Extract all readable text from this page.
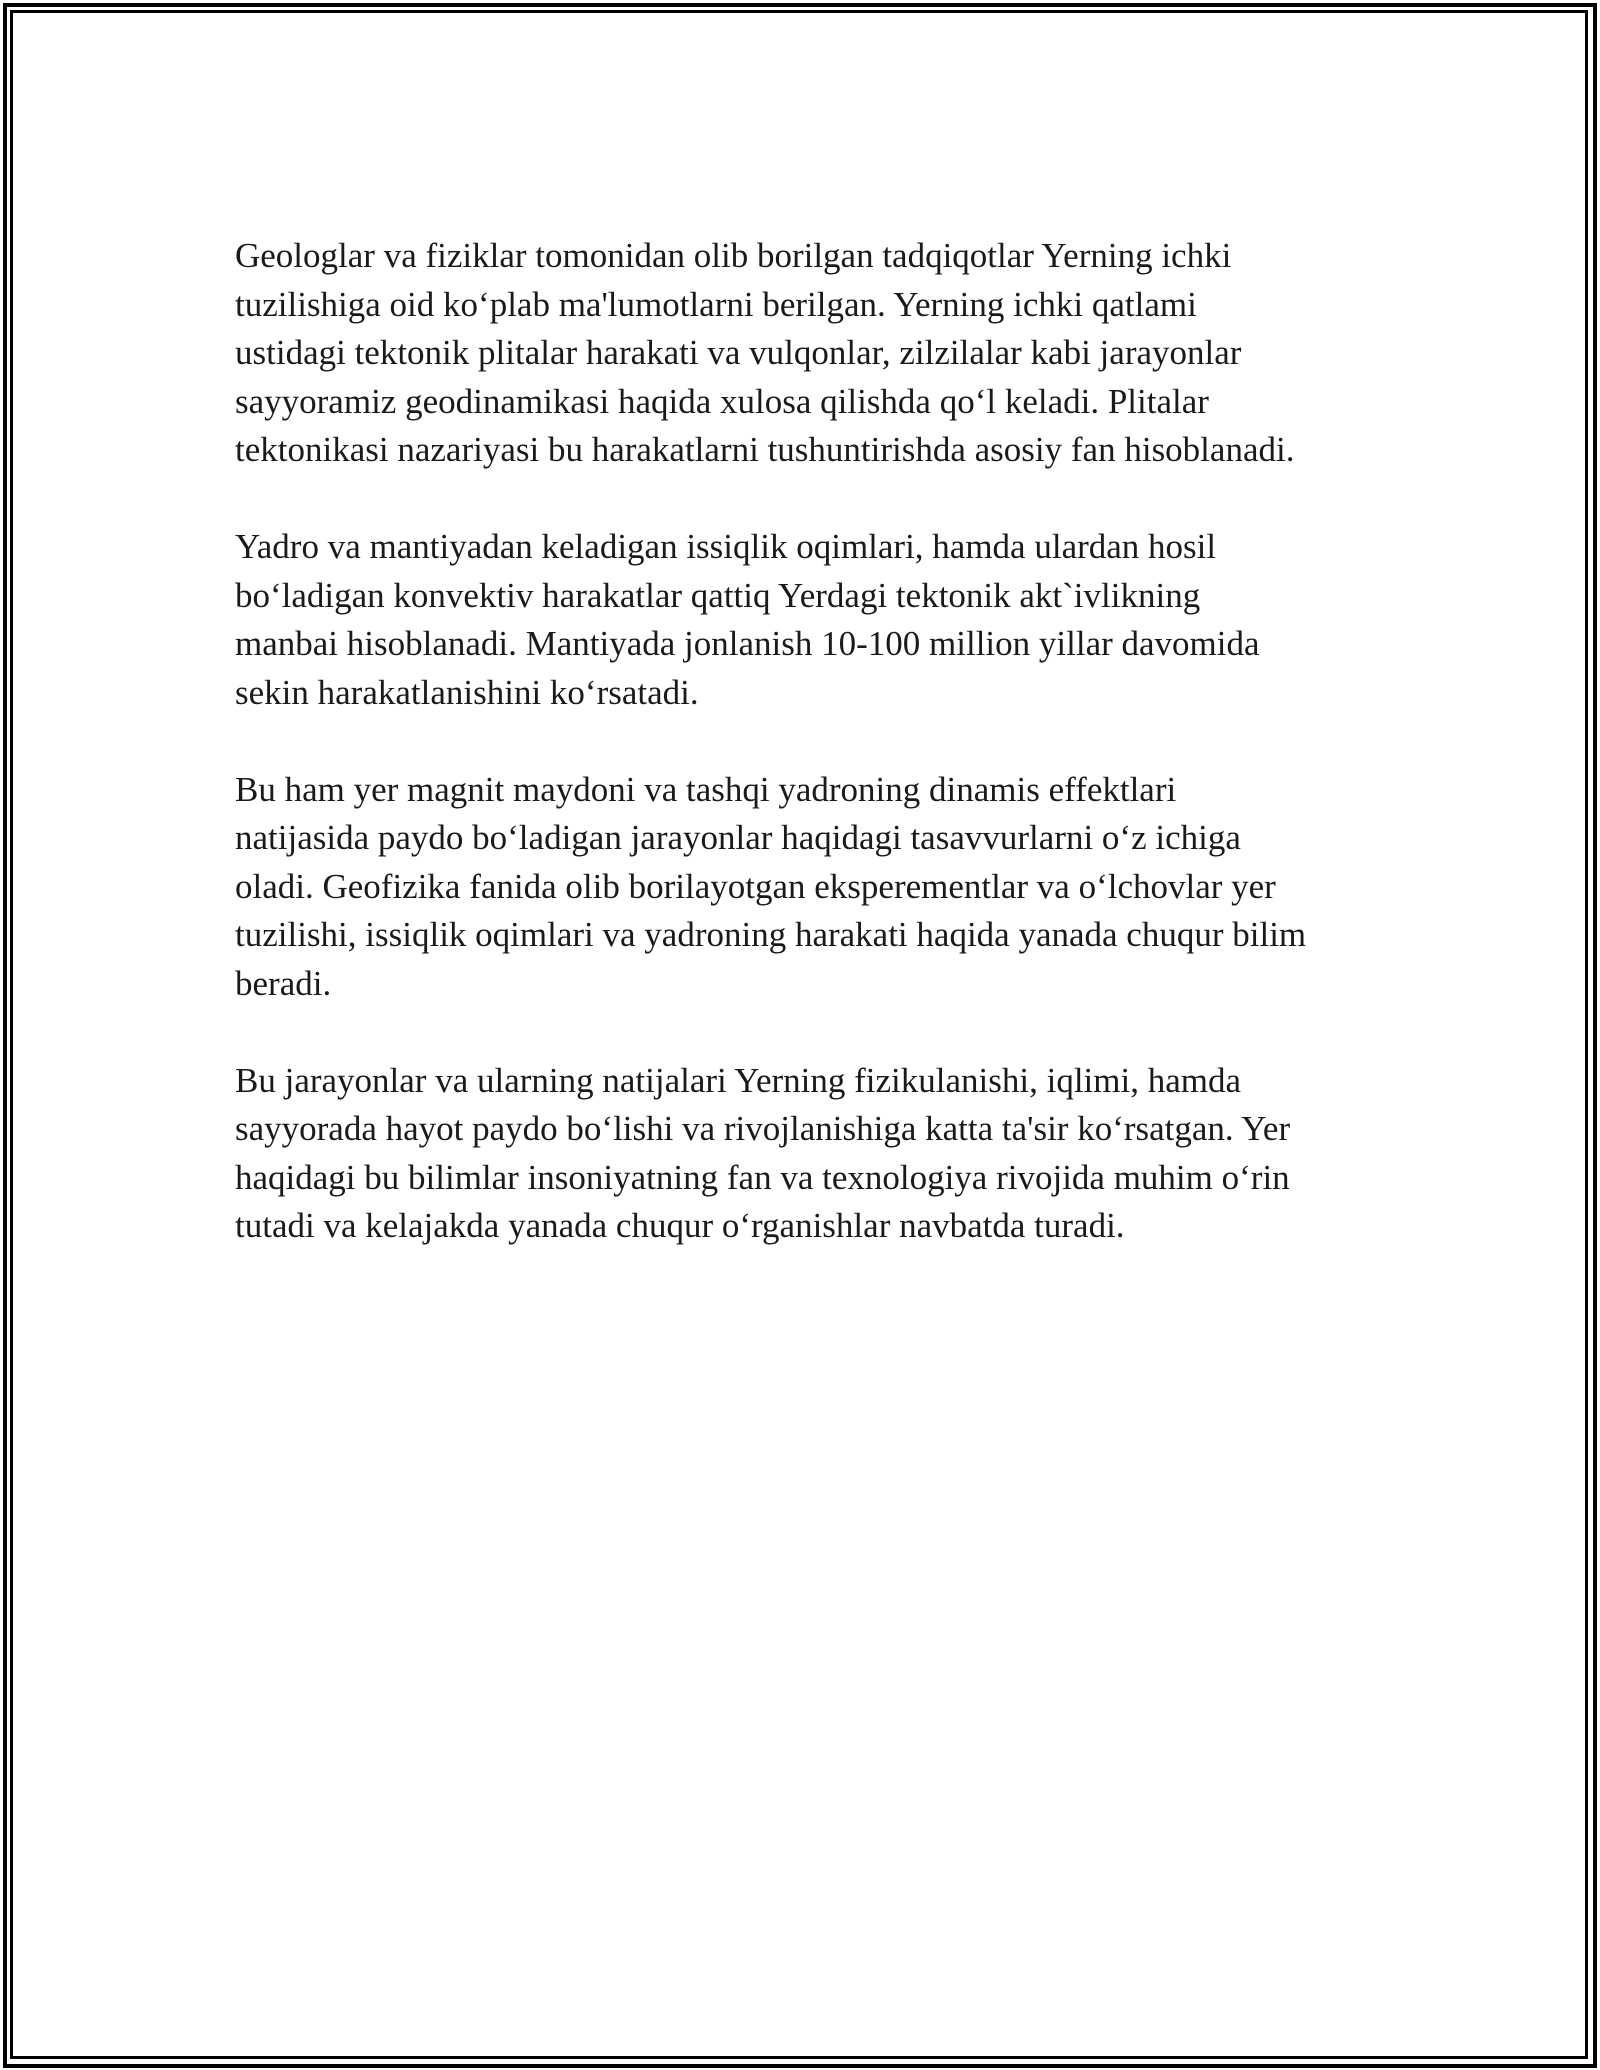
Geologlar va fiziklar tomonidan olib borilgan tadqiqotlar Yerning ichki
tuzilishiga oid ko‘plab ma'lumotlarni berilgan. Yerning ichki qatlami
ustidagi tektonik plitalar harakati va vulqonlar, zilzilalar kabi jarayonlar
sayyoramiz geodinamikasi haqida xulosa qilishda qo‘l keladi. Plitalar
tektonikasi nazariyasi bu harakatlarni tushuntirishda asosiy fan hisoblanadi.

Yadro va mantiyadan keladigan issiqlik oqimlari, hamda ulardan hosil
bo‘ladigan konvektiv harakatlar qattiq Yerdagi tektonik akt`ivlikning
manbai hisoblanadi. Mantiyada jonlanish 10-100 million yillar davomida
sekin harakatlanishini ko‘rsatadi.

Bu ham yer magnit maydoni va tashqi yadroning dinamis effektlari
natijasida paydo bo‘ladigan jarayonlar haqidagi tasavvurlarni o‘z ichiga
oladi. Geofizika fanida olib borilayotgan eksperementlar va o‘lchovlar yer
tuzilishi, issiqlik oqimlari va yadroning harakati haqida yanada chuqur bilim
beradi.

Bu jarayonlar va ularning natijalari Yerning fizikulanishi, iqlimi, hamda
sayyorada hayot paydo bo‘lishi va rivojlanishiga katta ta'sir ko‘rsatgan. Yer
haqidagi bu bilimlar insoniyatning fan va texnologiya rivojida muhim o‘rin
tutadi va kelajakda yanada chuqur o‘rganishlar navbatda turadi.
